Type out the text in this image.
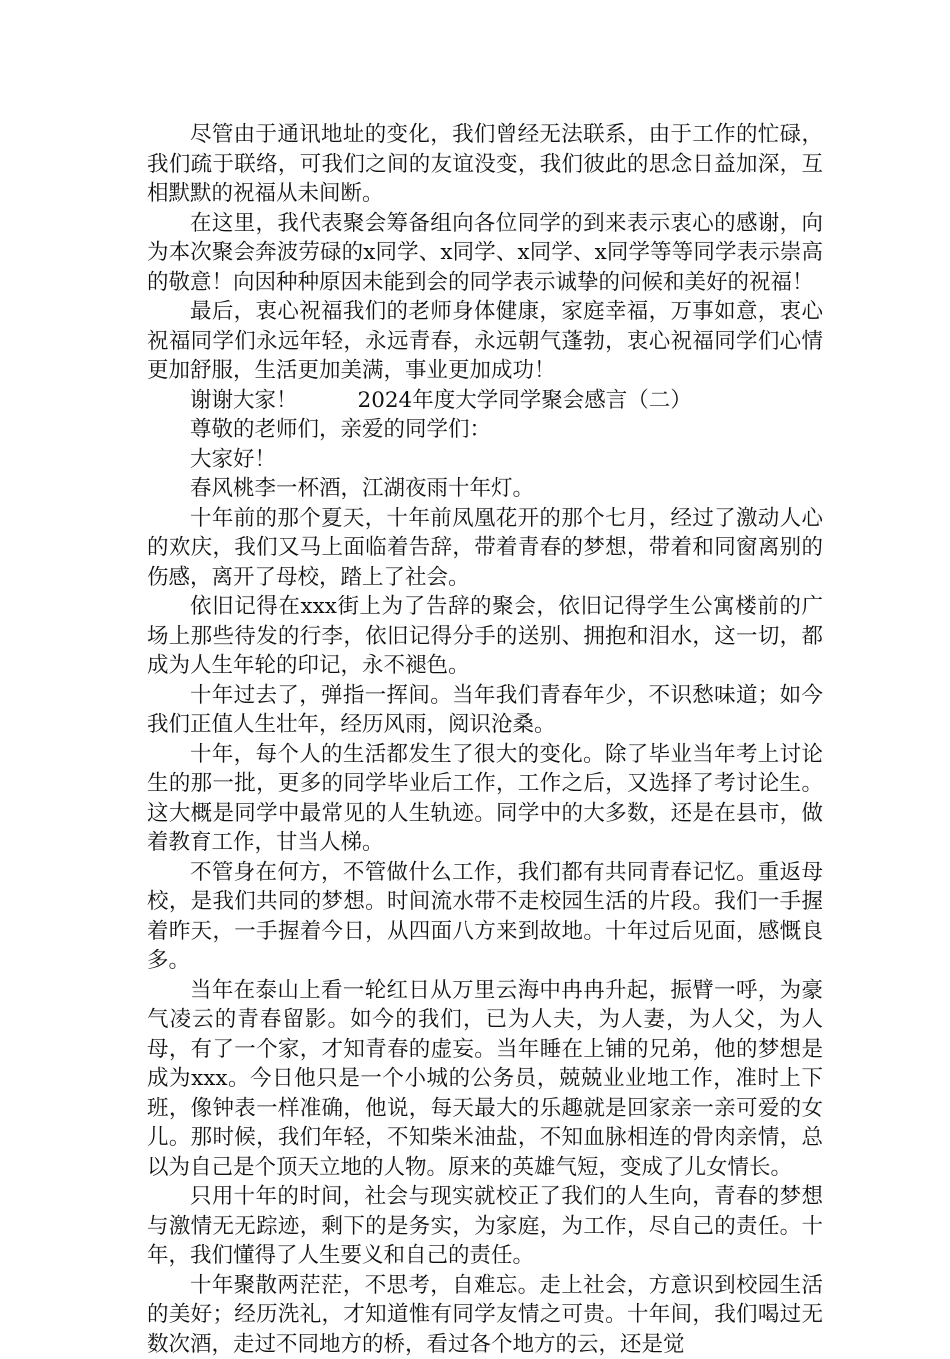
尽管由于通讯地址的变化，我们曾经无法联系，由于工作的忙碌，我们疏于联络，可我们之间的友谊没变，我们彼此的思念日益加深，互相默默的祝福从未间断。

在这里，我代表聚会筹备组向各位同学的到来表示衷心的感谢，向为本次聚会奔波劳碌的x同学、x同学、x同学、x同学等等同学表示崇高的敬意！向因种种原因未能到会的同学表示诚挚的问候和美好的祝福！

最后，衷心祝福我们的老师身体健康，家庭幸福，万事如意，衷心祝福同学们永远年轻，永远青春，永远朝气蓬勃，衷心祝福同学们心情更加舒服，生活更加美满，事业更加成功！

谢谢大家！	2024年度大学同学聚会感言（二）

尊敬的老师们，亲爱的同学们：

大家好！

春风桃李一杯酒，江湖夜雨十年灯。

十年前的那个夏天，十年前凤凰花开的那个七月，经过了激动人心的欢庆，我们又马上面临着告辞，带着青春的梦想，带着和同窗离别的伤感，离开了母校，踏上了社会。

依旧记得在xxx街上为了告辞的聚会，依旧记得学生公寓楼前的广场上那些待发的行李，依旧记得分手的送别、拥抱和泪水，这一切，都成为人生年轮的印记，永不褪色。

十年过去了，弹指一挥间。当年我们青春年少，不识愁味道；如今我们正值人生壮年，经历风雨，阅识沧桑。

十年，每个人的生活都发生了很大的变化。除了毕业当年考上讨论生的那一批，更多的同学毕业后工作，工作之后，又选择了考讨论生。这大概是同学中最常见的人生轨迹。同学中的大多数，还是在县市，做着教育工作，甘当人梯。

不管身在何方，不管做什么工作，我们都有共同青春记忆。重返母校，是我们共同的梦想。时间流水带不走校园生活的片段。我们一手握着昨天，一手握着今日，从四面八方来到故地。十年过后见面，感慨良多。

当年在泰山上看一轮红日从万里云海中冉冉升起，振臂一呼，为豪气凌云的青春留影。如今的我们，已为人夫，为人妻，为人父，为人母，有了一个家，才知青春的虚妄。当年睡在上铺的兄弟，他的梦想是成为xxx。今日他只是一个小城的公务员，兢兢业业地工作，准时上下班，像钟表一样准确，他说，每天最大的乐趣就是回家亲一亲可爱的女儿。那时候，我们年轻，不知柴米油盐，不知血脉相连的骨肉亲情，总以为自己是个顶天立地的人物。原来的英雄气短，变成了儿女情长。

只用十年的时间，社会与现实就校正了我们的人生向，青春的梦想与激情无无踪迹，剩下的是务实，为家庭，为工作，尽自己的责任。十年，我们懂得了人生要义和自己的责任。

十年聚散两茫茫，不思考，自难忘。走上社会，方意识到校园生活的美好；经历洗礼，才知道惟有同学友情之可贵。十年间，我们喝过无数次酒，走过不同地方的桥，看过各个地方的云，还是觉
